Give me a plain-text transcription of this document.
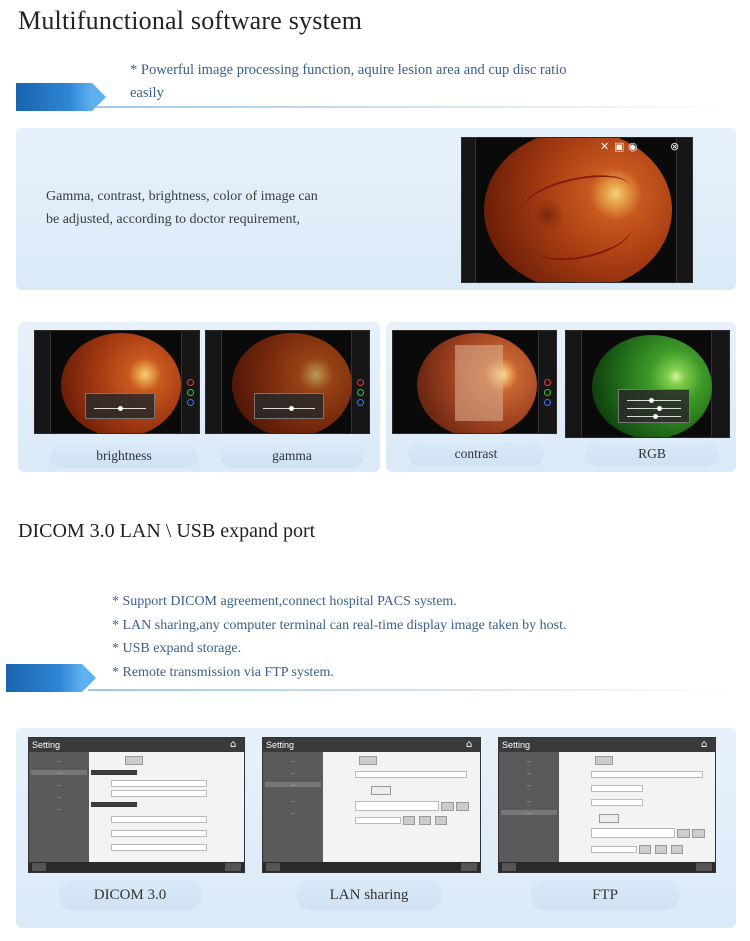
Multifunctional software system
* Powerful image processing function, aquire lesion area and cup disc ratio
easily
Gamma, contrast, brightness, color of image can
be adjusted, according to doctor requirement,
✕ ▣ ◉	⊗
brightness	gamma	contrast	RGB
DICOM 3.0 LAN \ USB expand port
* Support DICOM agreement,connect hospital PACS system.
* LAN sharing,any computer terminal can real-time display image taken by host.
* USB expand storage.
* Remote transmission via FTP system.
Setting	⌂
—
—
—
—
—
Setting	⌂
—
—
—
—
—
Setting	⌂
—
—
—
—
—
DICOM 3.0	LAN sharing	FTP
